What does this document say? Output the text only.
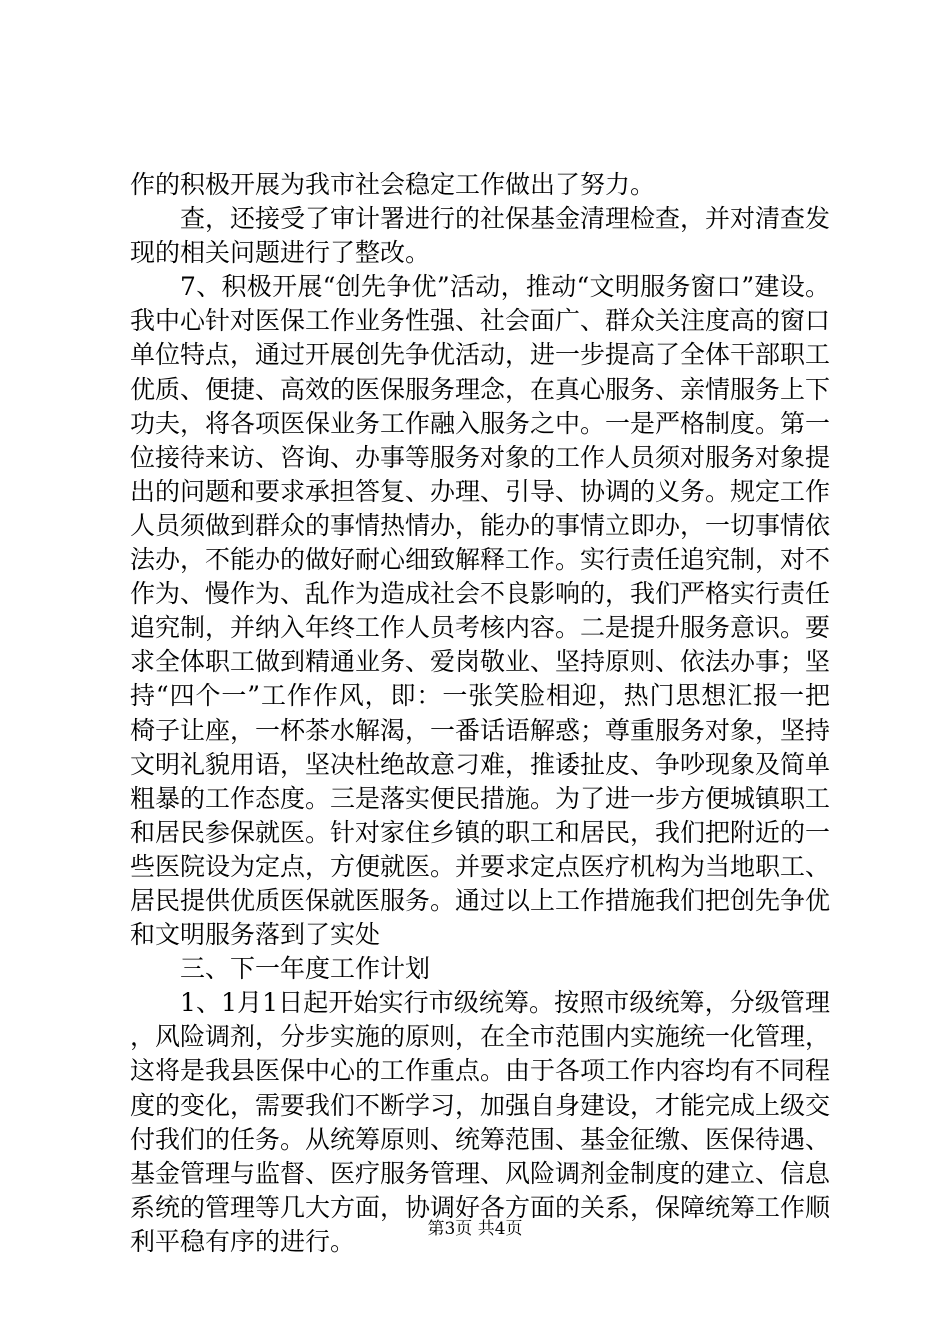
作的积极开展为我市社会稳定工作做出了努力。

查，还接受了审计署进行的社保基金清理检查，并对清查发现的相关问题进行了整改。

7、积极开展“创先争优”活动，推动“文明服务窗口”建设。我中心针对医保工作业务性强、社会面广、群众关注度高的窗口单位特点，通过开展创先争优活动，进一步提高了全体干部职工优质、便捷、高效的医保服务理念，在真心服务、亲情服务上下功夫，将各项医保业务工作融入服务之中。一是严格制度。第一位接待来访、咨询、办事等服务对象的工作人员须对服务对象提出的问题和要求承担答复、办理、引导、协调的义务。规定工作人员须做到群众的事情热情办，能办的事情立即办，一切事情依法办，不能办的做好耐心细致解释工作。实行责任追究制，对不作为、慢作为、乱作为造成社会不良影响的，我们严格实行责任追究制，并纳入年终工作人员考核内容。二是提升服务意识。要求全体职工做到精通业务、爱岗敬业、坚持原则、依法办事；坚持“四个一”工作作风，即：一张笑脸相迎，热门思想汇报一把椅子让座，一杯茶水解渴，一番话语解惑；尊重服务对象，坚持文明礼貌用语，坚决杜绝故意刁难，推诿扯皮、争吵现象及简单粗暴的工作态度。三是落实便民措施。为了进一步方便城镇职工和居民参保就医。针对家住乡镇的职工和居民，我们把附近的一些医院设为定点，方便就医。并要求定点医疗机构为当地职工、居民提供优质医保就医服务。通过以上工作措施我们把创先争优和文明服务落到了实处

三、下一年度工作计划

1、1月1日起开始实行市级统筹。按照市级统筹，分级管理，风险调剂，分步实施的原则，在全市范围内实施统一化管理，这将是我县医保中心的工作重点。由于各项工作内容均有不同程度的变化，需要我们不断学习，加强自身建设，才能完成上级交付我们的任务。从统筹原则、统筹范围、基金征缴、医保待遇、基金管理与监督、医疗服务管理、风险调剂金制度的建立、信息系统的管理等几大方面，协调好各方面的关系，保障统筹工作顺利平稳有序的进行。	第3页 共4页
